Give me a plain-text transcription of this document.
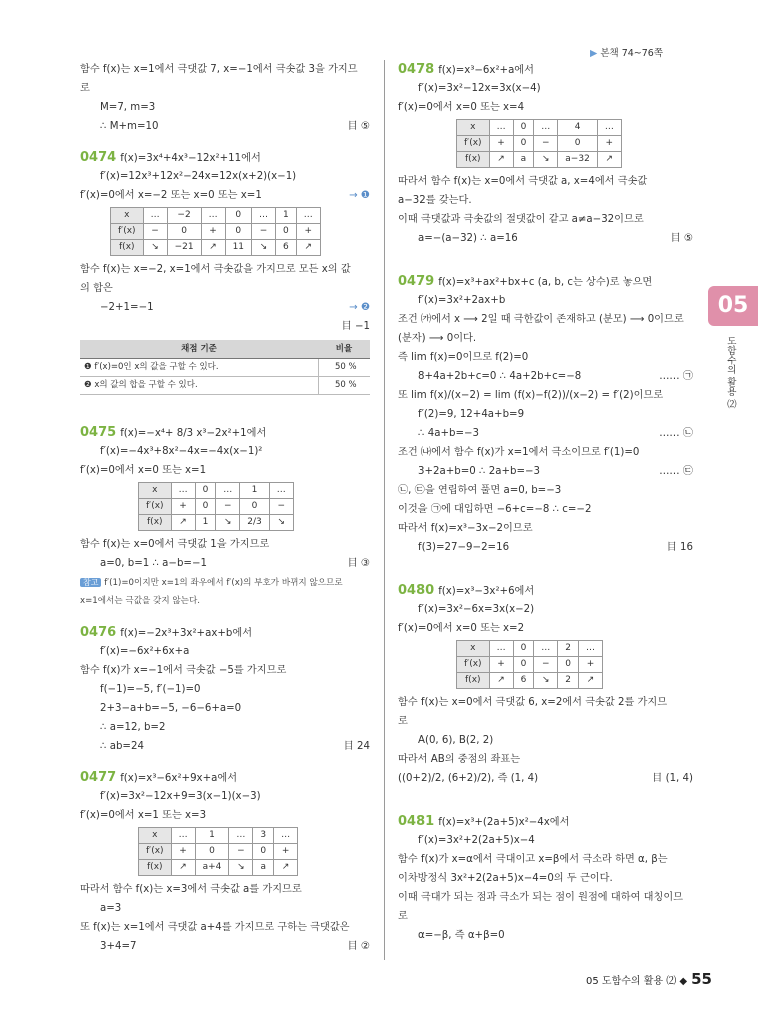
▶ 본책 74~76쪽
05
도함수의 활용 ⑵
함수 f(x)는 x=1에서 극댓값 7, x=−1에서 극솟값 3을 가지므
로
M=7, m=3
∴ M+m=10	目 ⑤
0474 f(x)=3x⁴+4x³−12x²+11에서
f′(x)=12x³+12x²−24x=12x(x+2)(x−1)
f′(x)=0에서 x=−2 또는 x=0 또는 x=1	→ ❶
x	…	−2	…	0	…	1	…
f′(x)	−	0	+	0	−	0	+
f(x)	↘	−21	↗	11	↘	6	↗
함수 f(x)는 x=−2, x=1에서 극솟값을 가지므로 모든 x의 값
의 합은
−2+1=−1	→ ❷
目 −1
채점 기준	비율
❶ f′(x)=0인 x의 값을 구할 수 있다.	50 %
❷ x의 값의 합을 구할 수 있다.	50 %
0475 f(x)=−x⁴+ 8/3 x³−2x²+1에서
f′(x)=−4x³+8x²−4x=−4x(x−1)²
f′(x)=0에서 x=0 또는 x=1
x	…	0	…	1	…
f′(x)	+	0	−	0	−
f(x)	↗	1	↘	2/3	↘
함수 f(x)는 x=0에서 극댓값 1을 가지므로
a=0, b=1 ∴ a−b=−1	目 ③
참고 f′(1)=0이지만 x=1의 좌우에서 f′(x)의 부호가 바뀌지 않으므로
x=1에서는 극값을 갖지 않는다.
0476 f(x)=−2x³+3x²+ax+b에서
f′(x)=−6x²+6x+a
함수 f(x)가 x=−1에서 극솟값 −5를 가지므로
f(−1)=−5, f′(−1)=0
2+3−a+b=−5, −6−6+a=0
∴ a=12, b=2
∴ ab=24	目 24
0477 f(x)=x³−6x²+9x+a에서
f′(x)=3x²−12x+9=3(x−1)(x−3)
f′(x)=0에서 x=1 또는 x=3
x	…	1	…	3	…
f′(x)	+	0	−	0	+
f(x)	↗	a+4	↘	a	↗
따라서 함수 f(x)는 x=3에서 극솟값 a를 가지므로
a=3
또 f(x)는 x=1에서 극댓값 a+4를 가지므로 구하는 극댓값은
3+4=7	目 ②
0478 f(x)=x³−6x²+a에서
f′(x)=3x²−12x=3x(x−4)
f′(x)=0에서 x=0 또는 x=4
x	…	0	…	4	…
f′(x)	+	0	−	0	+
f(x)	↗	a	↘	a−32	↗
따라서 함수 f(x)는 x=0에서 극댓값 a, x=4에서 극솟값
a−32를 갖는다.
이때 극댓값과 극솟값의 절댓값이 같고 a≠a−32이므로
a=−(a−32) ∴ a=16	目 ⑤
0479 f(x)=x³+ax²+bx+c (a, b, c는 상수)로 놓으면
f′(x)=3x²+2ax+b
조건 ㈎에서 x ⟶ 2일 때 극한값이 존재하고 (분모) ⟶ 0이므로
(분자) ⟶ 0이다.
즉 lim f(x)=0이므로 f(2)=0
8+4a+2b+c=0 ∴ 4a+2b+c=−8	…… ㉠
또 lim f(x)/(x−2) = lim (f(x)−f(2))/(x−2) = f′(2)이므로
f′(2)=9, 12+4a+b=9
∴ 4a+b=−3	…… ㉡
조건 ㈏에서 함수 f(x)가 x=1에서 극소이므로 f′(1)=0
3+2a+b=0 ∴ 2a+b=−3	…… ㉢
㉡, ㉢을 연립하여 풀면 a=0, b=−3
이것을 ㉠에 대입하면 −6+c=−8 ∴ c=−2
따라서 f(x)=x³−3x−2이므로
f(3)=27−9−2=16	目 16
0480 f(x)=x³−3x²+6에서
f′(x)=3x²−6x=3x(x−2)
f′(x)=0에서 x=0 또는 x=2
x	…	0	…	2	…
f′(x)	+	0	−	0	+
f(x)	↗	6	↘	2	↗
함수 f(x)는 x=0에서 극댓값 6, x=2에서 극솟값 2를 가지므
로
A(0, 6), B(2, 2)
따라서 AB의 중점의 좌표는
((0+2)/2, (6+2)/2), 즉 (1, 4)	目 (1, 4)
0481 f(x)=x³+(2a+5)x²−4x에서
f′(x)=3x²+2(2a+5)x−4
함수 f(x)가 x=α에서 극대이고 x=β에서 극소라 하면 α, β는
이차방정식 3x²+2(2a+5)x−4=0의 두 근이다.
이때 극대가 되는 점과 극소가 되는 점이 원점에 대하여 대칭이므
로
α=−β, 즉 α+β=0
05 도함수의 활용 ⑵ ◆ 55
